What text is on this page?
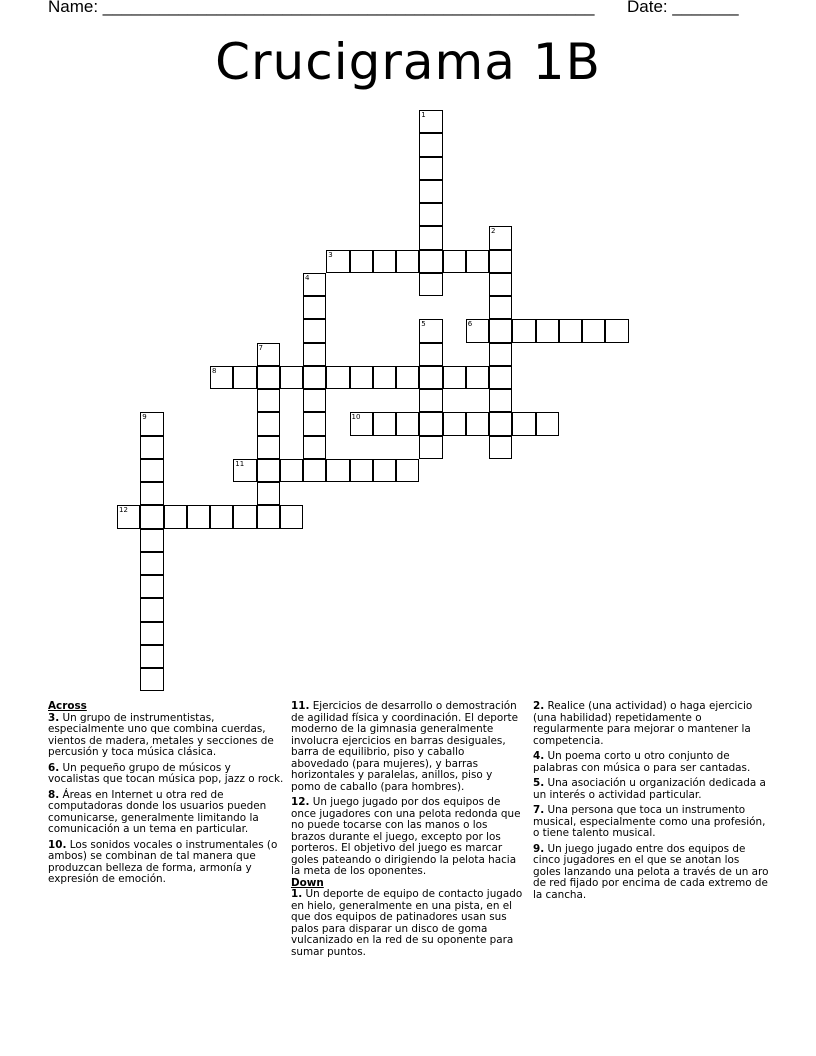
Name: ____________________________________________________ Date: _______
Crucigrama 1B
1
2
3
4
5	6
7
8
9	10
11
12

Across

3. Un grupo de instrumentistas, especialmente uno que combina cuerdas, vientos de madera, metales y secciones de percusión y toca música clásica.

6. Un pequeño grupo de músicos y vocalistas que tocan música pop, jazz o rock.

8. Áreas en Internet u otra red de computadoras donde los usuarios pueden comunicarse, generalmente limitando la comunicación a un tema en particular.

10. Los sonidos vocales o instrumentales (o ambos) se combinan de tal manera que produzcan belleza de forma, armonía y expresión de emoción.

11. Ejercicios de desarrollo o demostración de agilidad física y coordinación. El deporte moderno de la gimnasia generalmente involucra ejercicios en barras desiguales, barra de equilibrio, piso y caballo abovedado (para mujeres), y barras horizontales y paralelas, anillos, piso y pomo de caballo (para hombres).

12. Un juego jugado por dos equipos de once jugadores con una pelota redonda que no puede tocarse con las manos o los brazos durante el juego, excepto por los porteros. El objetivo del juego es marcar goles pateando o dirigiendo la pelota hacia la meta de los oponentes.

Down

1. Un deporte de equipo de contacto jugado en hielo, generalmente en una pista, en el que dos equipos de patinadores usan sus palos para disparar un disco de goma vulcanizado en la red de su oponente para sumar puntos.

2. Realice (una actividad) o haga ejercicio (una habilidad) repetidamente o regularmente para mejorar o mantener la competencia.

4. Un poema corto u otro conjunto de palabras con música o para ser cantadas.

5. Una asociación u organización dedicada a un interés o actividad particular.

7. Una persona que toca un instrumento musical, especialmente como una profesión, o tiene talento musical.

9. Un juego jugado entre dos equipos de cinco jugadores en el que se anotan los goles lanzando una pelota a través de un aro de red fijado por encima de cada extremo de la cancha.
